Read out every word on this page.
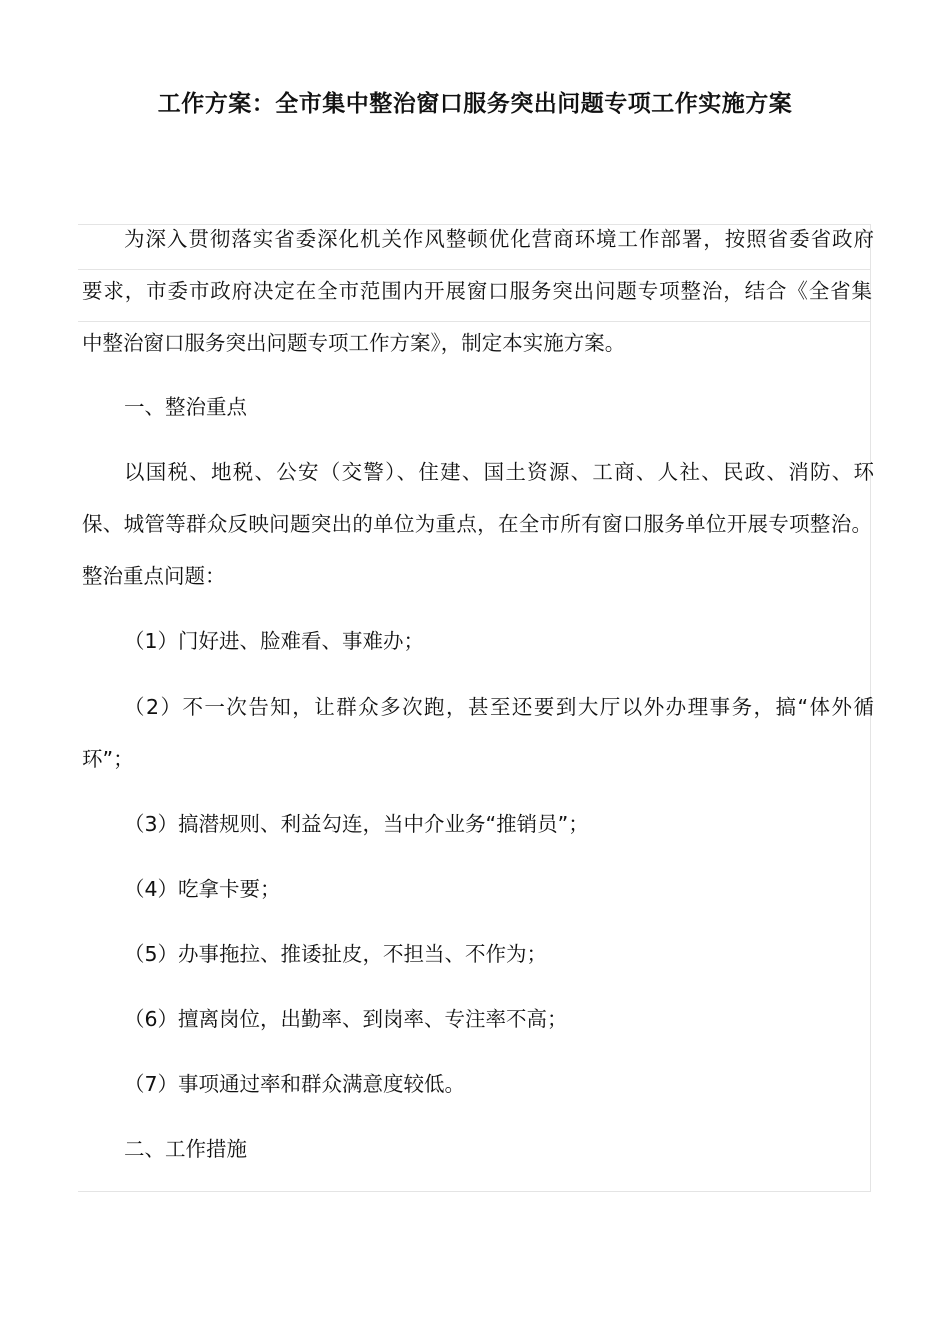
工作方案：全市集中整治窗口服务突出问题专项工作实施方案

为深入贯彻落实省委深化机关作风整顿优化营商环境工作部署，按照省委省政府

要求，市委市政府决定在全市范围内开展窗口服务突出问题专项整治，结合《全省集

中整治窗口服务突出问题专项工作方案》，制定本实施方案。

一、整治重点

以国税、地税、公安（交警）、住建、国土资源、工商、人社、民政、消防、环

保、城管等群众反映问题突出的单位为重点，在全市所有窗口服务单位开展专项整治。

整治重点问题：

（1）门好进、脸难看、事难办；

（2）不一次告知，让群众多次跑，甚至还要到大厅以外办理事务，搞“体外循

环”；

（3）搞潜规则、利益勾连，当中介业务“推销员”；

（4）吃拿卡要；

（5）办事拖拉、推诿扯皮，不担当、不作为；

（6）擅离岗位，出勤率、到岗率、专注率不高；

（7）事项通过率和群众满意度较低。

二、工作措施
